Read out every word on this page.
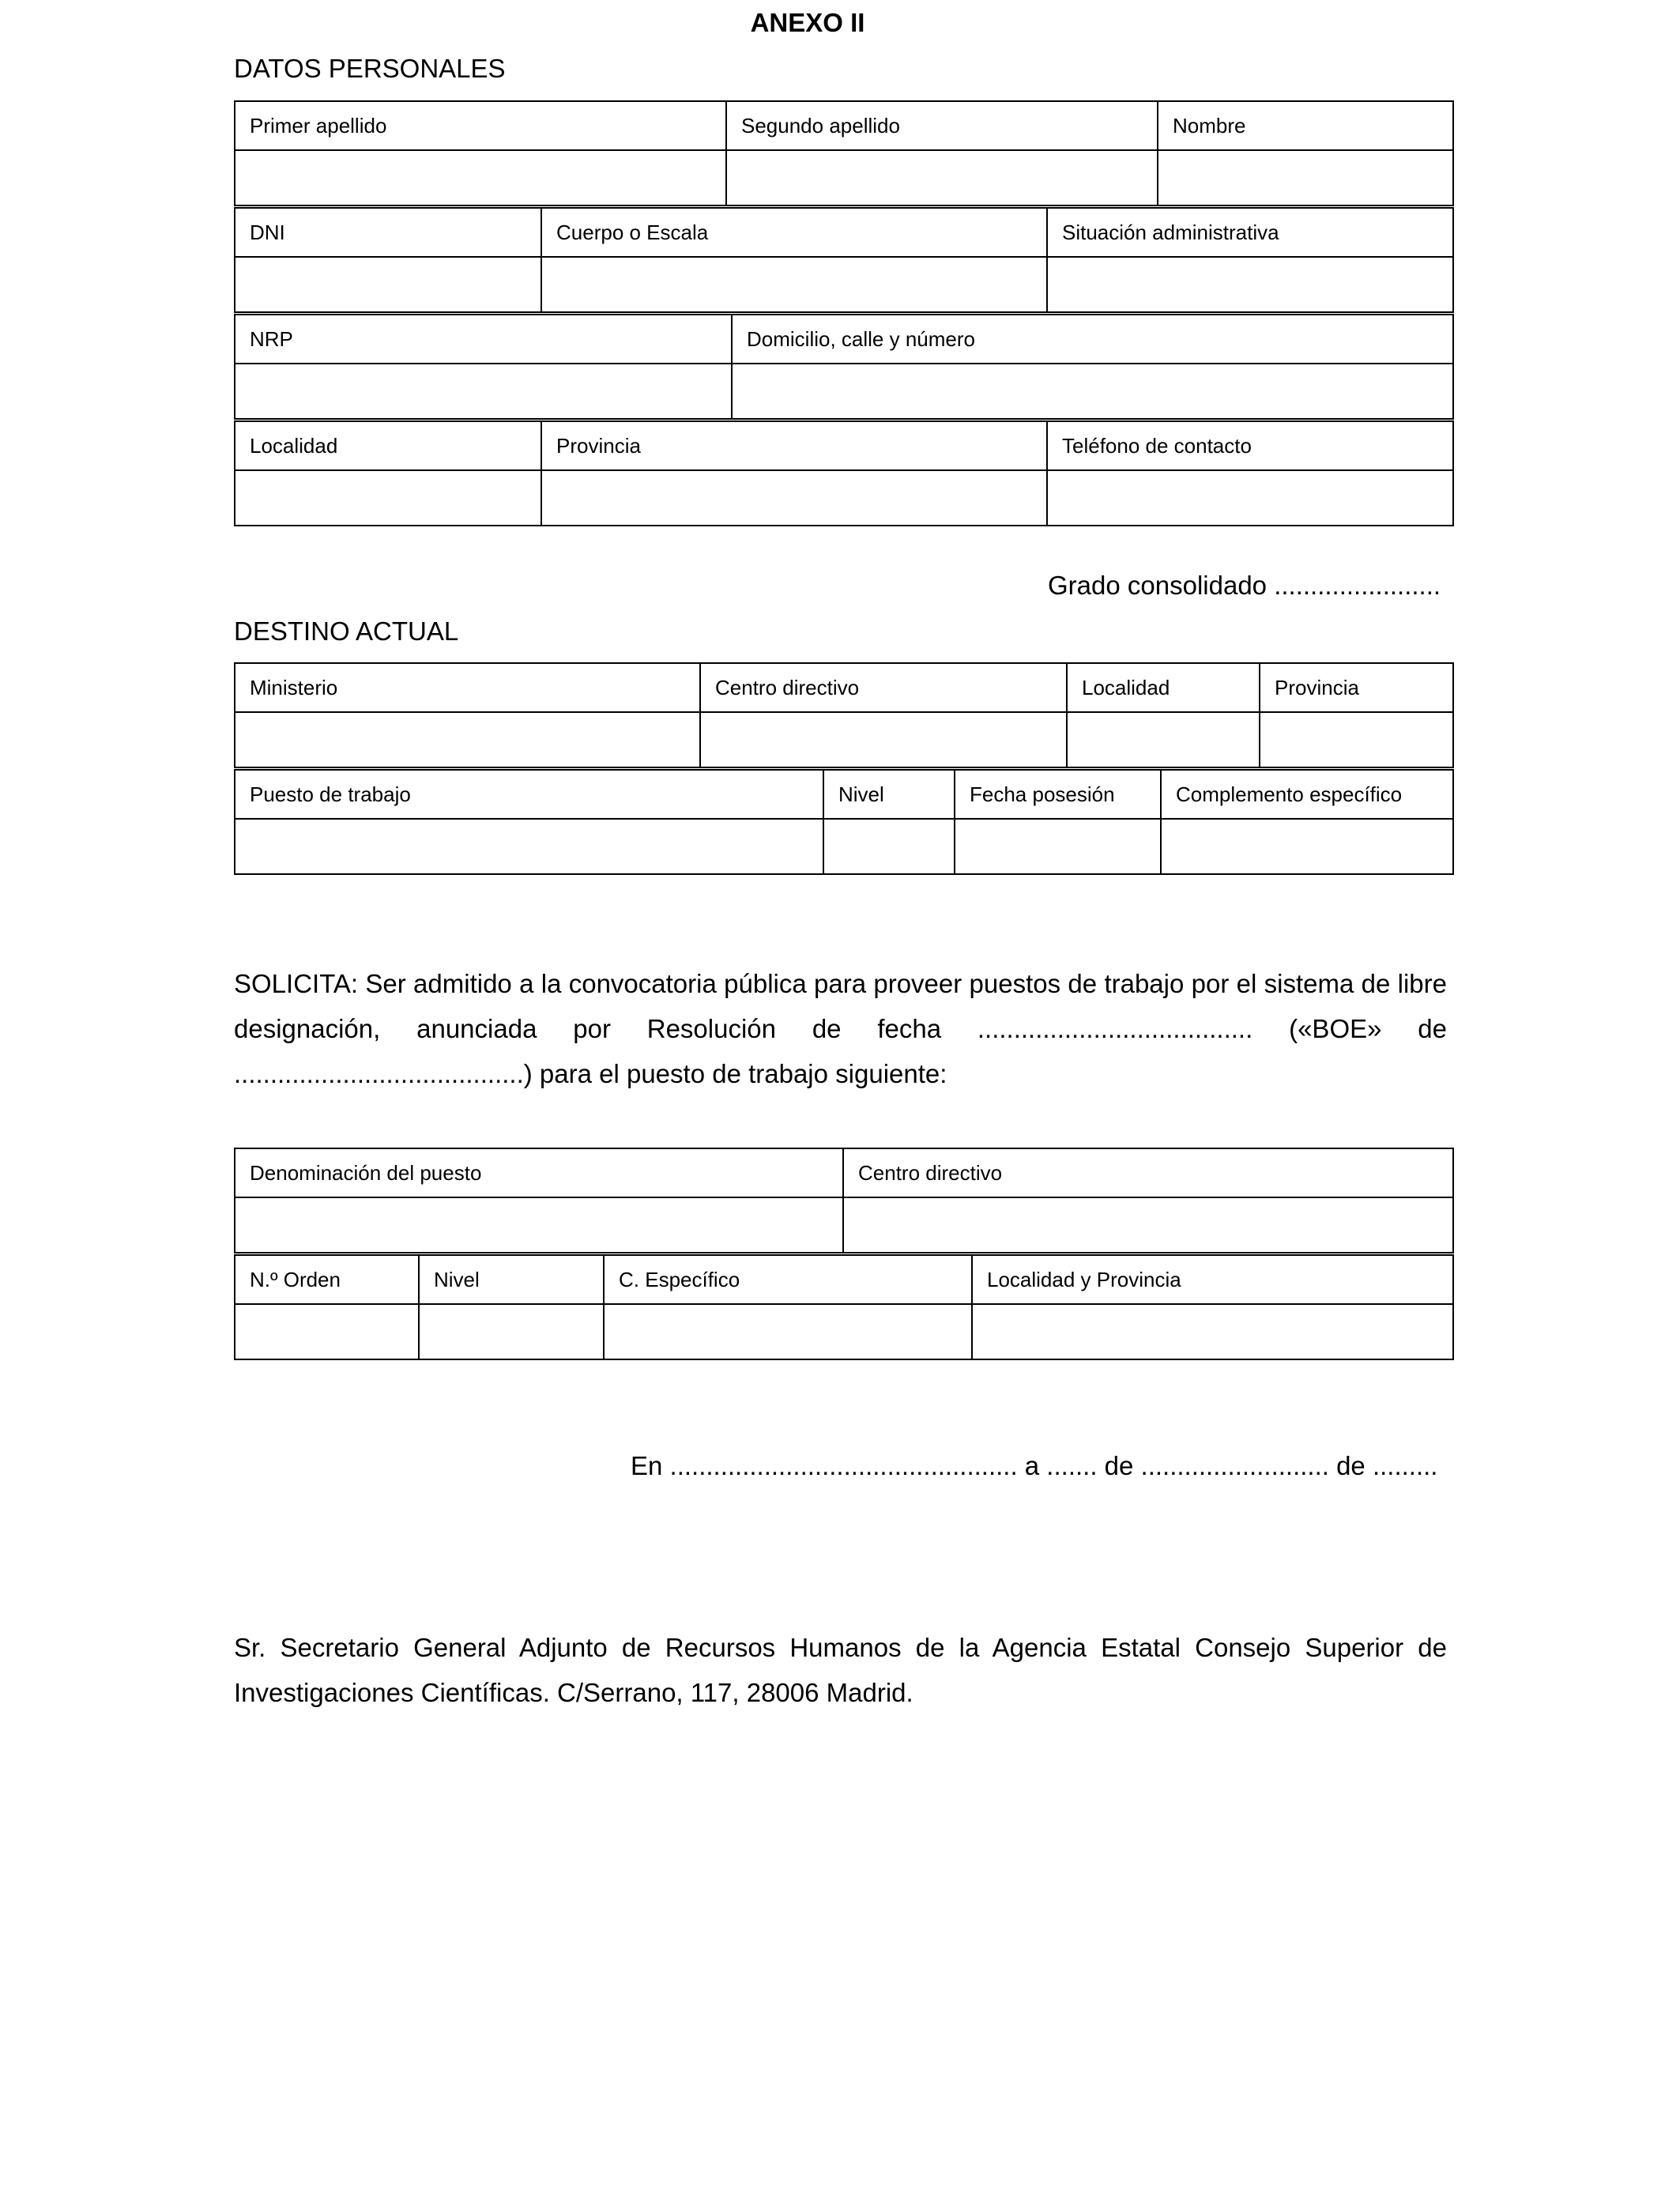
ANEXO II
DATOS PERSONALES
Primer apellido	Segundo apellido	Nombre

DNI	Cuerpo o Escala	Situación administrativa

NRP	Domicilio, calle y número

Localidad	Provincia	Teléfono de contacto

Grado consolidado .......................
DESTINO ACTUAL
Ministerio	Centro directivo	Localidad	Provincia

Puesto de trabajo	Nivel	Fecha posesión	Complemento específico

SOLICITA: Ser admitido a la convocatoria pública para proveer puestos de trabajo por el sistema de libre designación, anunciada por Resolución de fecha ...................................... («BOE» de ........................................) para el puesto de trabajo siguiente:
Denominación del puesto	Centro directivo

N.º Orden	Nivel	C. Específico	Localidad y Provincia

En ................................................ a ....... de .......................... de .........
Sr. Secretario General Adjunto de Recursos Humanos de la Agencia Estatal Consejo Superior de Investigaciones Científicas. C/Serrano, 117, 28006 Madrid.
